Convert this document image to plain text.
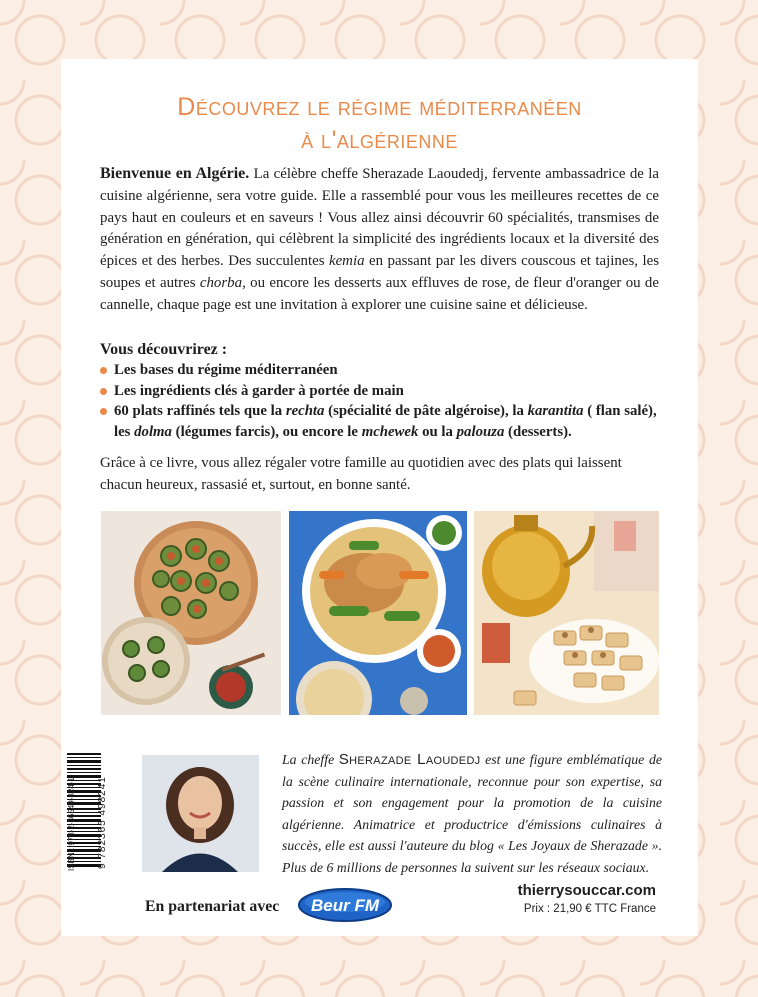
Découvrez le régime méditerranéen
à l'algérienne

Bienvenue en Algérie. La célèbre cheffe Sherazade Laoudedj, fervente ambassadrice de la cuisine algérienne, sera votre guide. Elle a rassemblé pour vous les meilleures recettes de ce pays haut en couleurs et en saveurs ! Vous allez ainsi découvrir 60 spécialités, transmises de génération en génération, qui célèbrent la simplicité des ingrédients locaux et la diversité des épices et des herbes. Des succulentes kemia en passant par les divers couscous et tajines, les soupes et autres chorba, ou encore les desserts aux effluves de rose, de fleur d'oranger ou de cannelle, chaque page est une invitation à explorer une cuisine saine et délicieuse.

Vous découvrirez :
Les bases du régime méditerranéen
Les ingrédients clés à garder à portée de main
60 plats raffinés tels que la rechta (spécialité de pâte algéroise), la karantita ( flan salé), les dolma (légumes farcis), ou encore le mchewek ou la palouza (desserts).

Grâce à ce livre, vous allez régaler votre famille au quotidien avec des plats qui laissent chacun heureux, rassasié et, surtout, en bonne santé.

ISBN : 978-2-36549-824-1 9 782365 498241

La cheffe Sherazade Laoudedj est une figure emblématique de la scène culinaire internationale, reconnue pour son expertise, sa passion et son engagement pour la promotion de la cuisine algérienne. Animatrice et productrice d'émissions culinaires à succès, elle est aussi l'auteure du blog « Les Joyaux de Sherazade ». Plus de 6 millions de personnes la suivent sur les réseaux sociaux.

En partenariat avec Beur FM
thierrysouccar.com
Prix : 21,90 € TTC France
